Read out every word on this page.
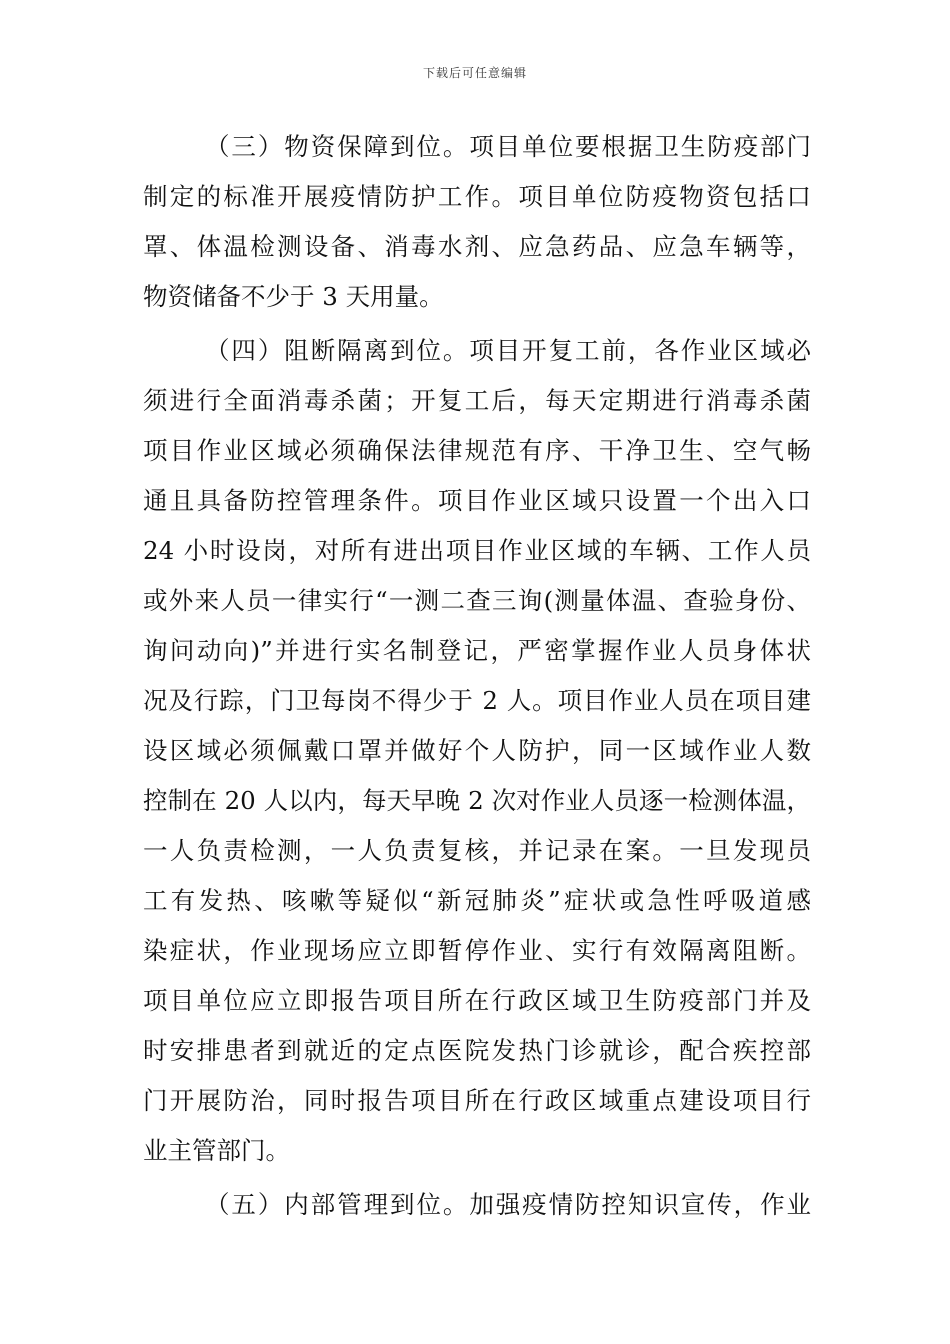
下载后可任意编辑
（三）物资保障到位。项目单位要根据卫生防疫部门
制定的标准开展疫情防护工作。项目单位防疫物资包括口
罩、体温检测设备、消毒水剂、应急药品、应急车辆等，
物资储备不少于 3 天用量。
（四）阻断隔离到位。项目开复工前，各作业区域必
须进行全面消毒杀菌；开复工后，每天定期进行消毒杀菌
项目作业区域必须确保法律规范有序、干净卫生、空气畅
通且具备防控管理条件。项目作业区域只设置一个出入口
24 小时设岗，对所有进出项目作业区域的车辆、工作人员
或外来人员一律实行“一测二查三询(测量体温、查验身份、
询问动向)”并进行实名制登记，严密掌握作业人员身体状
况及行踪，门卫每岗不得少于 2 人。项目作业人员在项目建
设区域必须佩戴口罩并做好个人防护，同一区域作业人数
控制在 20 人以内，每天早晚 2 次对作业人员逐一检测体温，
一人负责检测，一人负责复核，并记录在案。一旦发现员
工有发热、咳嗽等疑似“新冠肺炎”症状或急性呼吸道感
染症状，作业现场应立即暂停作业、实行有效隔离阻断。
项目单位应立即报告项目所在行政区域卫生防疫部门并及
时安排患者到就近的定点医院发热门诊就诊，配合疾控部
门开展防治，同时报告项目所在行政区域重点建设项目行
业主管部门。
（五）内部管理到位。加强疫情防控知识宣传，作业
